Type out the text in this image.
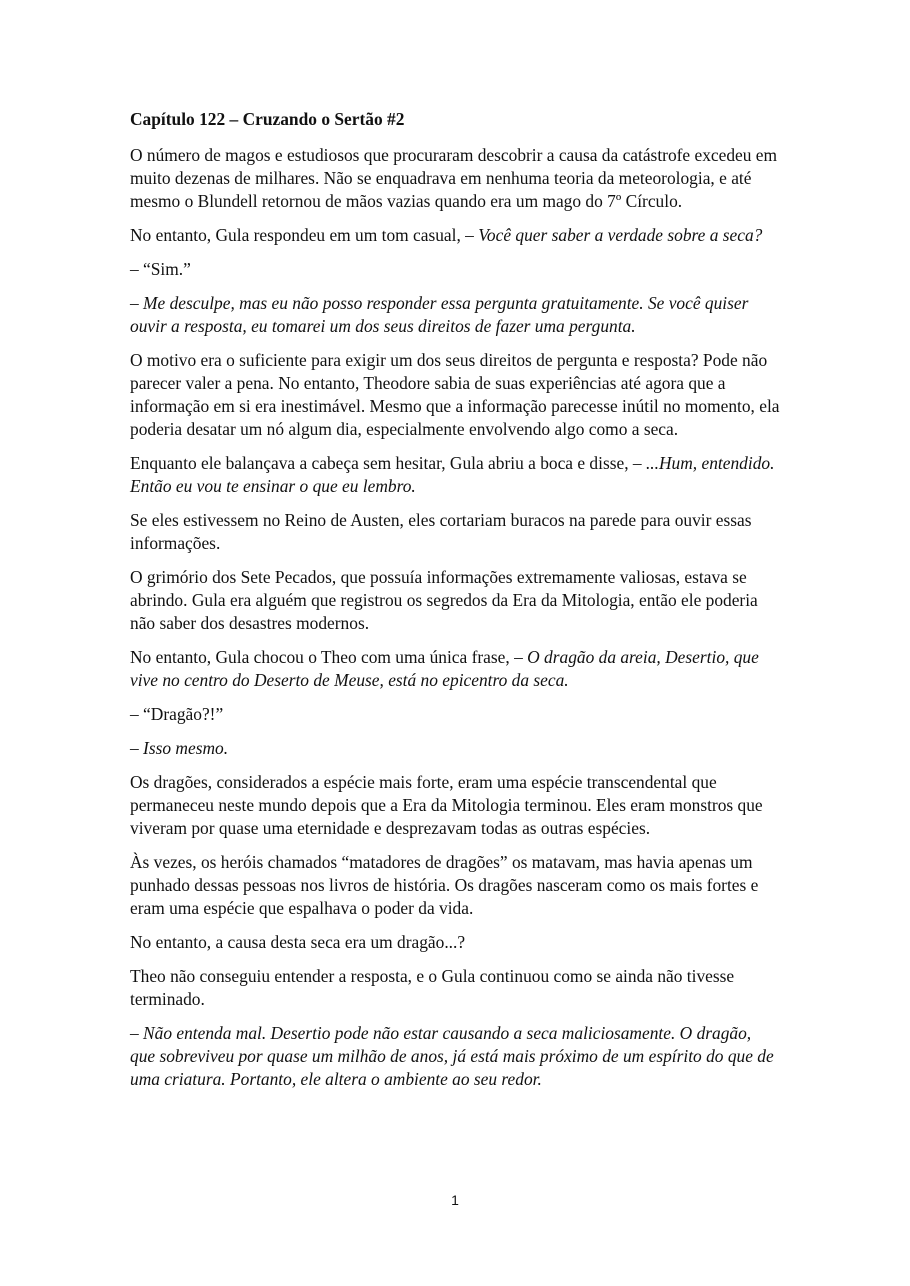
Capítulo 122 – Cruzando o Sertão #2

O número de magos e estudiosos que procuraram descobrir a causa da catástrofe excedeu em muito dezenas de milhares. Não se enquadrava em nenhuma teoria da meteorologia, e até mesmo o Blundell retornou de mãos vazias quando era um mago do 7º Círculo.

No entanto, Gula respondeu em um tom casual, – Você quer saber a verdade sobre a seca?

– “Sim.”

– Me desculpe, mas eu não posso responder essa pergunta gratuitamente. Se você quiser ouvir a resposta, eu tomarei um dos seus direitos de fazer uma pergunta.

O motivo era o suficiente para exigir um dos seus direitos de pergunta e resposta? Pode não parecer valer a pena. No entanto, Theodore sabia de suas experiências até agora que a informação em si era inestimável. Mesmo que a informação parecesse inútil no momento, ela poderia desatar um nó algum dia, especialmente envolvendo algo como a seca.

Enquanto ele balançava a cabeça sem hesitar, Gula abriu a boca e disse, – ...Hum, entendido. Então eu vou te ensinar o que eu lembro.

Se eles estivessem no Reino de Austen, eles cortariam buracos na parede para ouvir essas informações.

O grimório dos Sete Pecados, que possuía informações extremamente valiosas, estava se abrindo. Gula era alguém que registrou os segredos da Era da Mitologia, então ele poderia não saber dos desastres modernos.

No entanto, Gula chocou o Theo com uma única frase, – O dragão da areia, Desertio, que vive no centro do Deserto de Meuse, está no epicentro da seca.

– “Dragão?!”

– Isso mesmo.

Os dragões, considerados a espécie mais forte, eram uma espécie transcendental que permaneceu neste mundo depois que a Era da Mitologia terminou. Eles eram monstros que viveram por quase uma eternidade e desprezavam todas as outras espécies.

Às vezes, os heróis chamados “matadores de dragões” os matavam, mas havia apenas um punhado dessas pessoas nos livros de história. Os dragões nasceram como os mais fortes e eram uma espécie que espalhava o poder da vida.

No entanto, a causa desta seca era um dragão...?

Theo não conseguiu entender a resposta, e o Gula continuou como se ainda não tivesse terminado.

– Não entenda mal. Desertio pode não estar causando a seca maliciosamente. O dragão, que sobreviveu por quase um milhão de anos, já está mais próximo de um espírito do que de uma criatura. Portanto, ele altera o ambiente ao seu redor.

1
